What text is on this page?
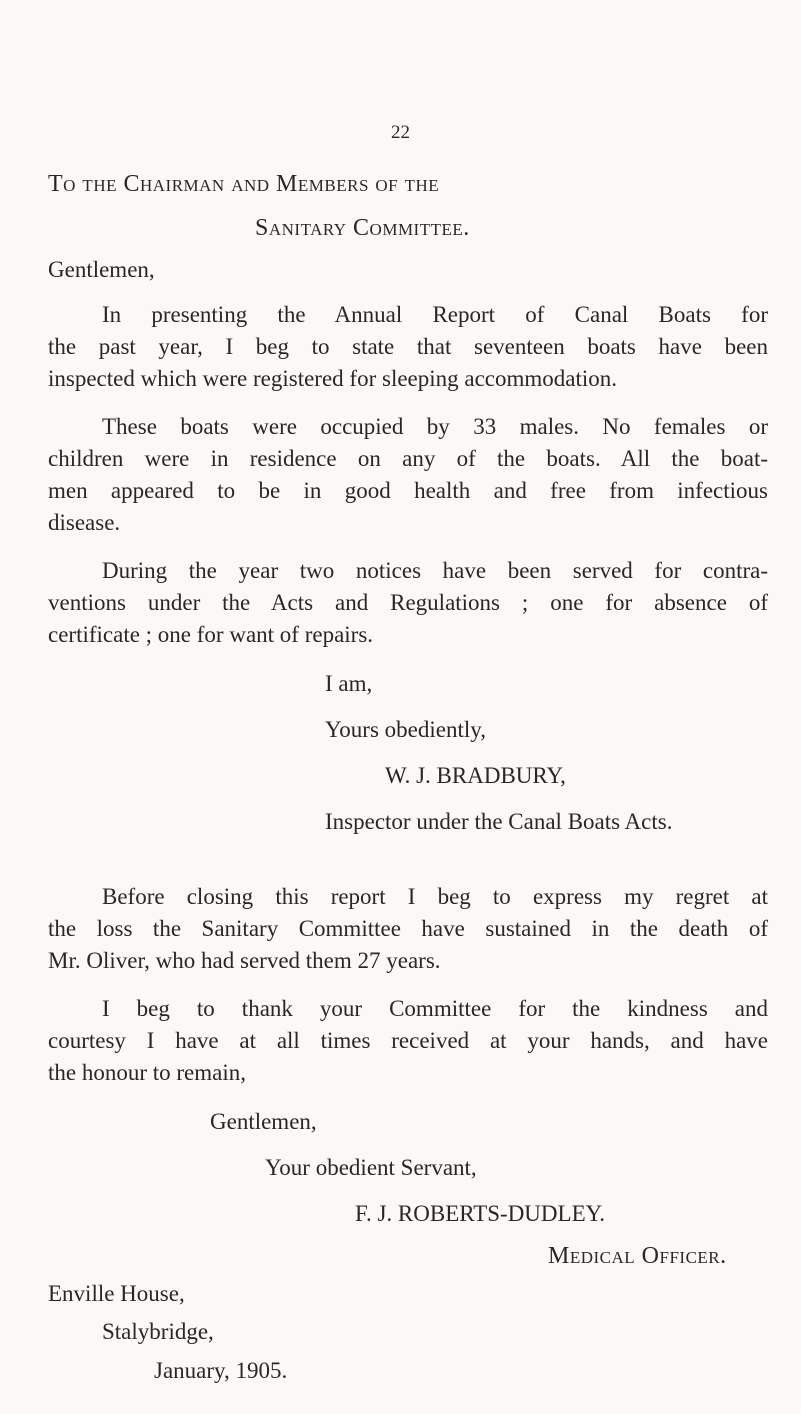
22

To the Chairman and Members of the

Sanitary Committee.

Gentlemen,

In presenting the Annual Report of Canal Boats for

the past year, I beg to state that seventeen boats have been

inspected which were registered for sleeping accommodation.

These boats were occupied by 33 males. No females or

children were in residence on any of the boats. All the boat-

men appeared to be in good health and free from infectious

disease.

During the year two notices have been served for contra-

ventions under the Acts and Regulations ; one for absence of

certificate ; one for want of repairs.

I am,

Yours obediently,

W. J. BRADBURY,

Inspector under the Canal Boats Acts.

Before closing this report I beg to express my regret at

the loss the Sanitary Committee have sustained in the death of

Mr. Oliver, who had served them 27 years.

I beg to thank your Committee for the kindness and

courtesy I have at all times received at your hands, and have

the honour to remain,

Gentlemen,

Your obedient Servant,

F. J. ROBERTS-DUDLEY.

Medical Officer.

Enville House,

Stalybridge,

January, 1905.
